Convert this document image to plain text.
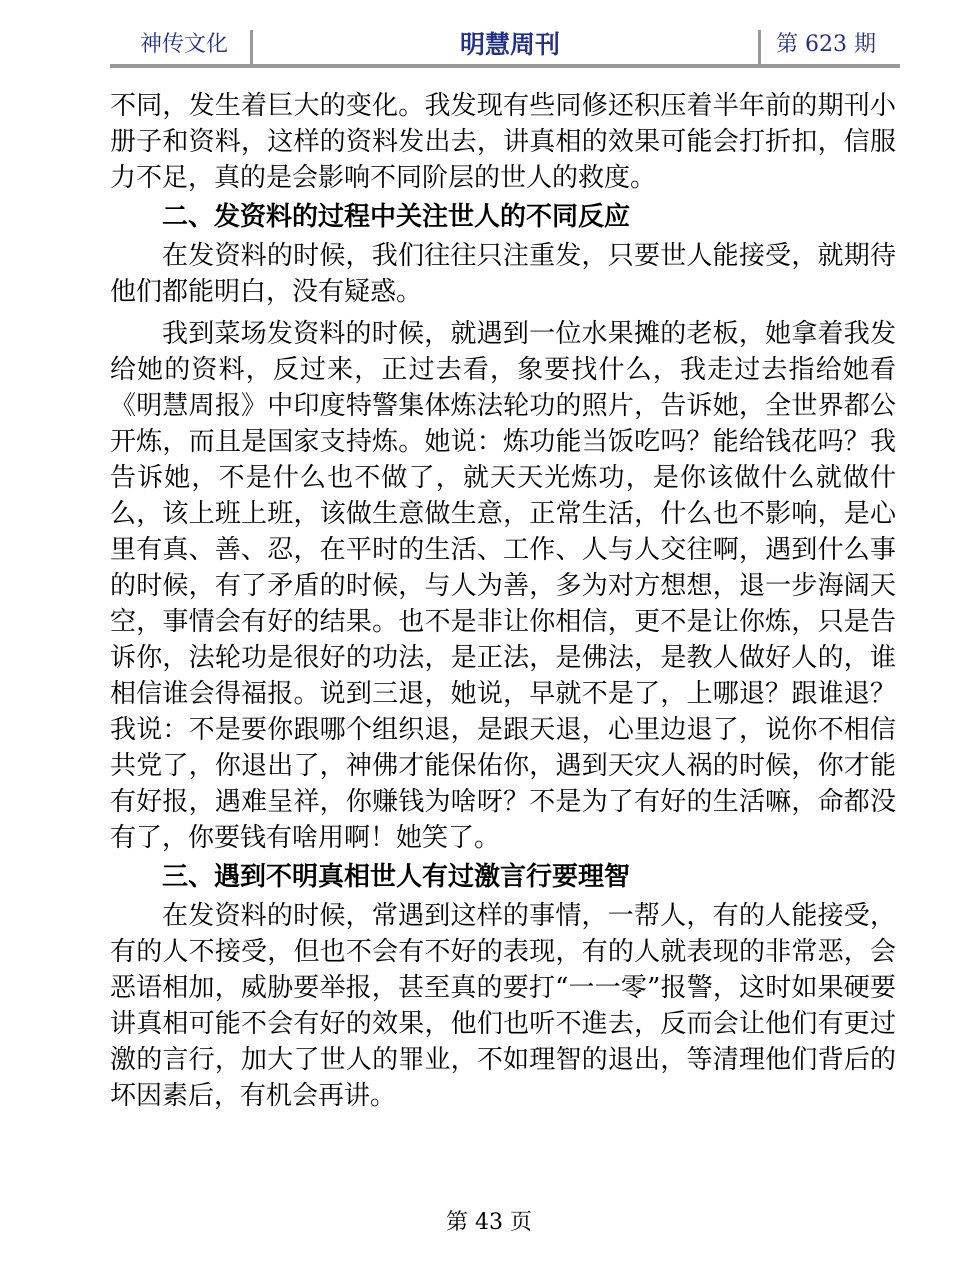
神传文化	明慧周刊	第 623 期

不同，发生着巨大的变化。我发现有些同修还积压着半年前的期刊小册子和资料，这样的资料发出去，讲真相的效果可能会打折扣，信服力不足，真的是会影响不同阶层的世人的救度。

二、发资料的过程中关注世人的不同反应

在发资料的时候，我们往往只注重发，只要世人能接受，就期待他们都能明白，没有疑惑。

我到菜场发资料的时候，就遇到一位水果摊的老板，她拿着我发给她的资料，反过来，正过去看，象要找什么，我走过去指给她看《明慧周报》中印度特警集体炼法轮功的照片，告诉她，全世界都公开炼，而且是国家支持炼。她说：炼功能当饭吃吗？能给钱花吗？我告诉她，不是什么也不做了，就天天光炼功，是你该做什么就做什么，该上班上班，该做生意做生意，正常生活，什么也不影响，是心里有真、善、忍，在平时的生活、工作、人与人交往啊，遇到什么事的时候，有了矛盾的时候，与人为善，多为对方想想，退一步海阔天空，事情会有好的结果。也不是非让你相信，更不是让你炼，只是告诉你，法轮功是很好的功法，是正法，是佛法，是教人做好人的，谁相信谁会得福报。说到三退，她说，早就不是了，上哪退？跟谁退？我说：不是要你跟哪个组织退，是跟天退，心里边退了，说你不相信共党了，你退出了，神佛才能保佑你，遇到天灾人祸的时候，你才能有好报，遇难呈祥，你赚钱为啥呀？不是为了有好的生活嘛，命都没有了，你要钱有啥用啊！她笑了。

三、遇到不明真相世人有过激言行要理智

在发资料的时候，常遇到这样的事情，一帮人，有的人能接受，有的人不接受，但也不会有不好的表现，有的人就表现的非常恶，会恶语相加，威胁要举报，甚至真的要打“一一零”报警，这时如果硬要讲真相可能不会有好的效果，他们也听不進去，反而会让他们有更过激的言行，加大了世人的罪业，不如理智的退出，等清理他们背后的坏因素后，有机会再讲。

第 43 页
